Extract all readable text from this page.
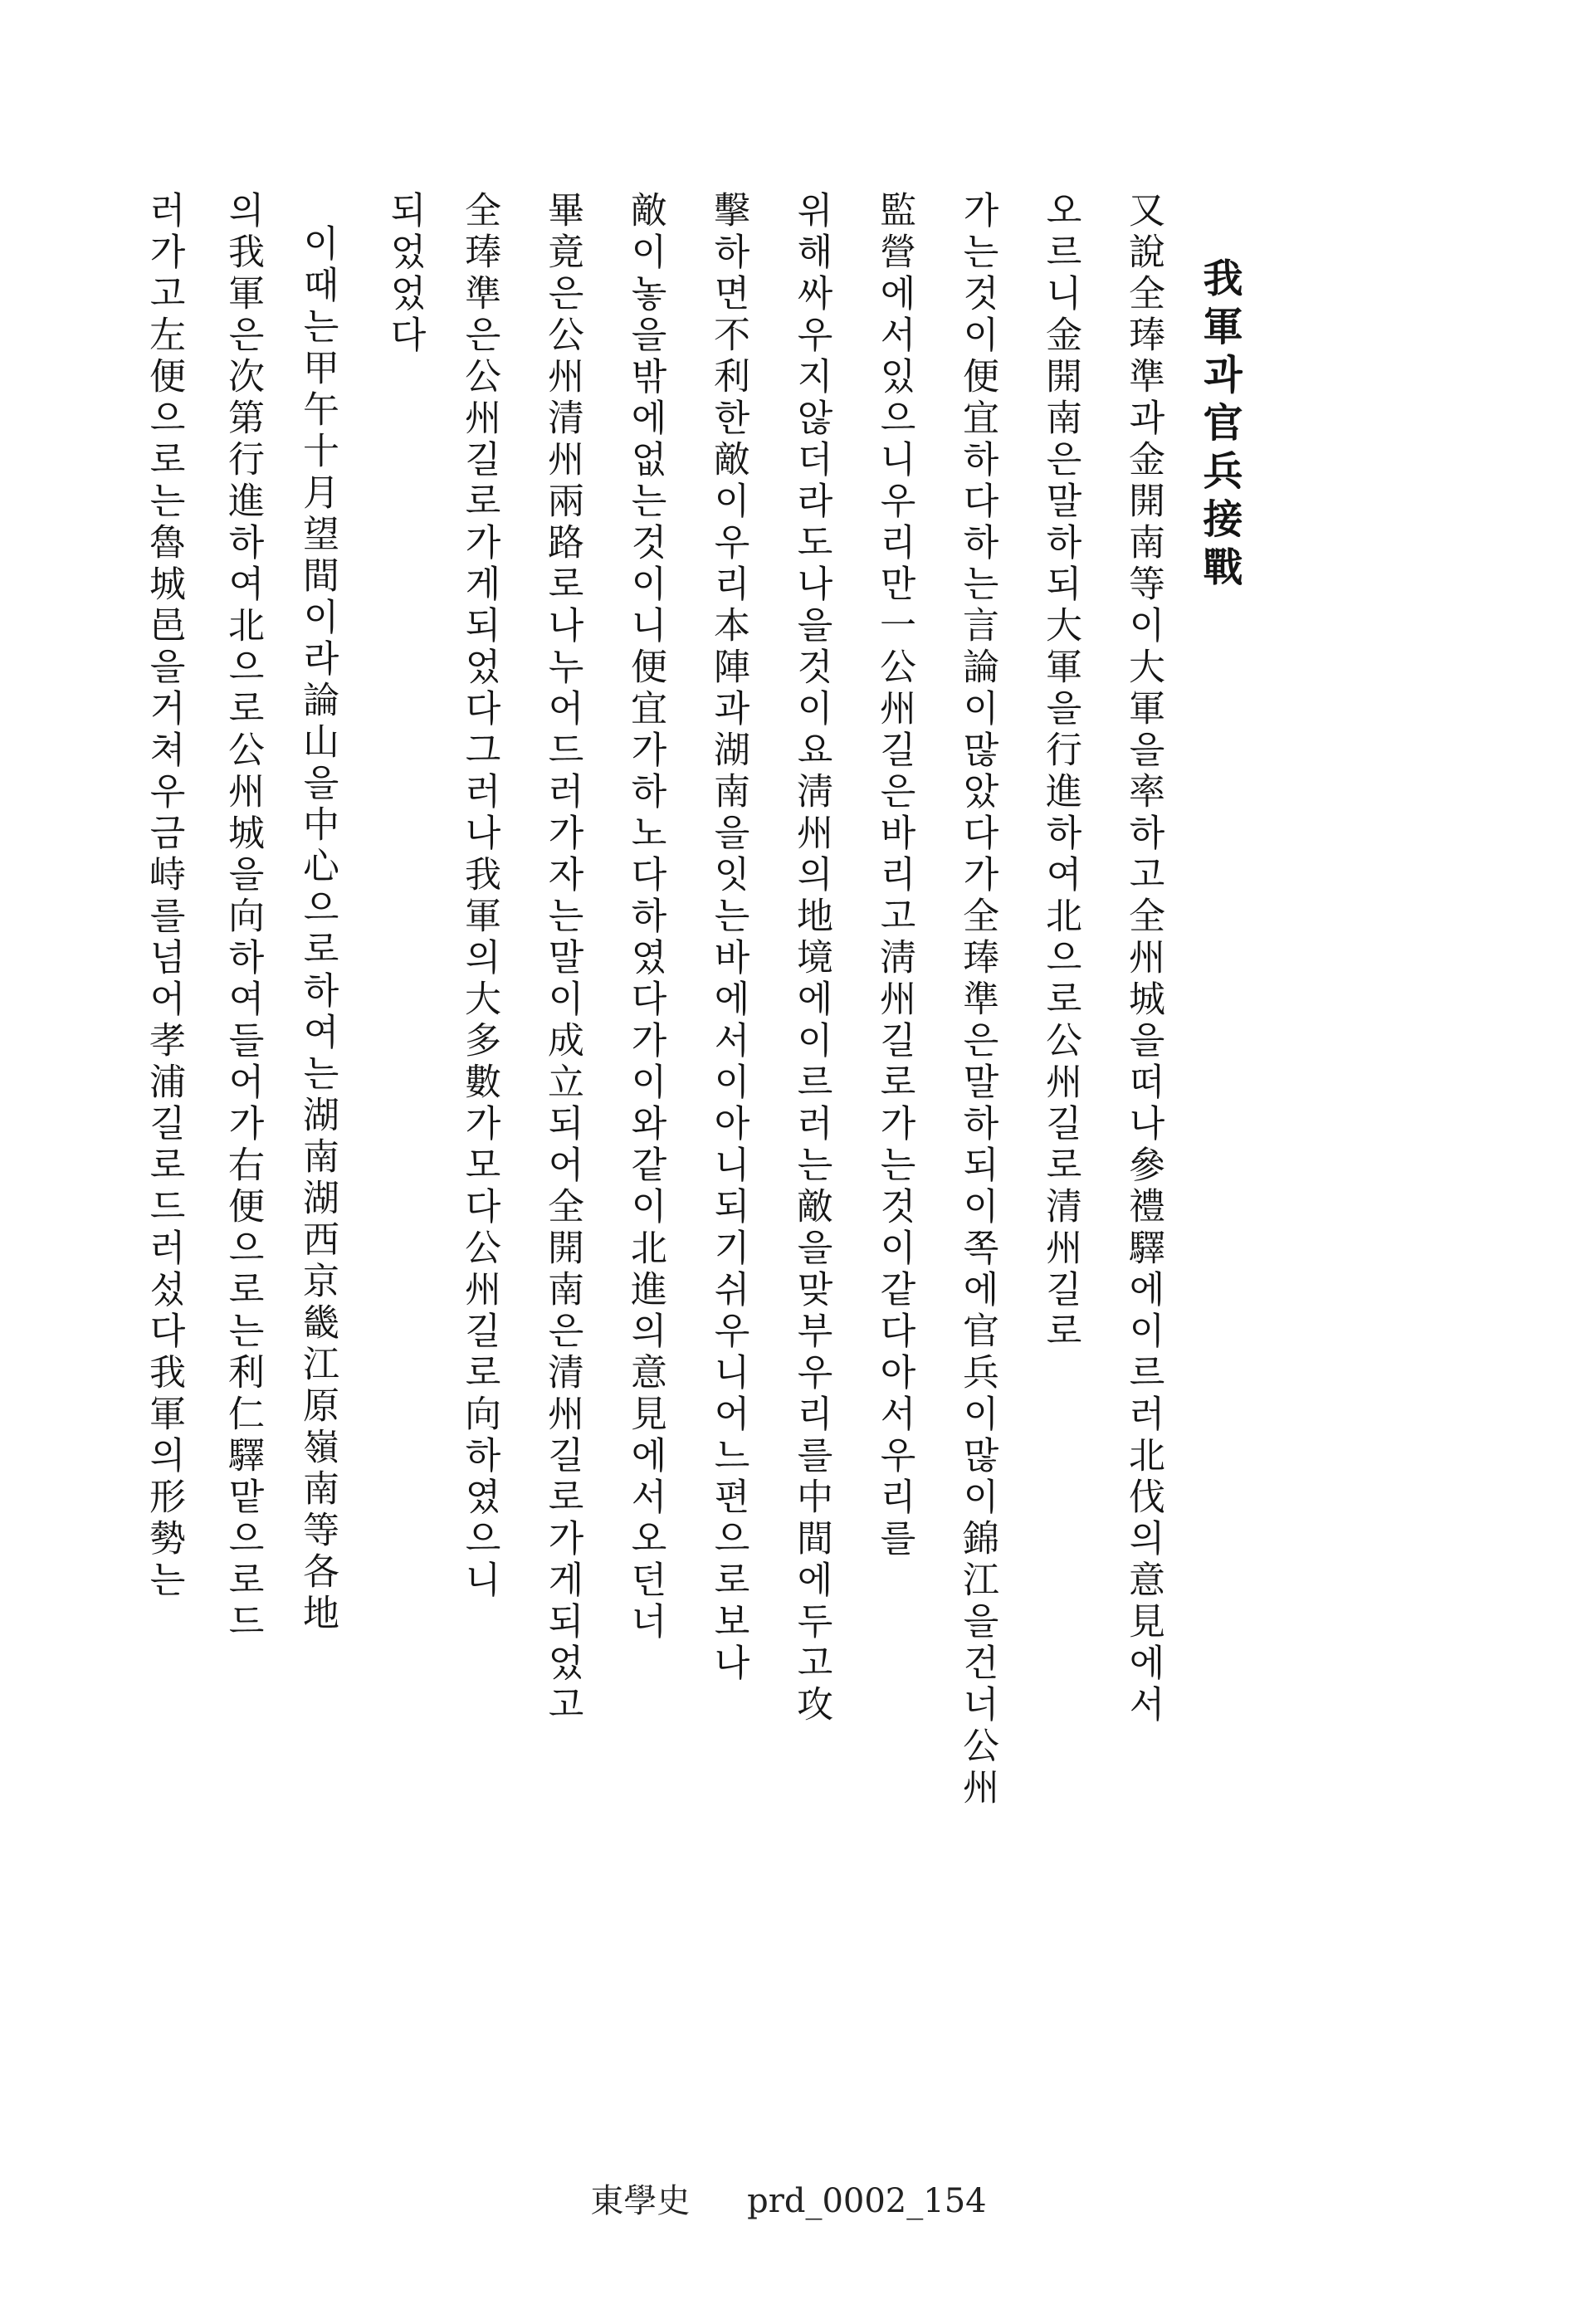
我軍과官兵接戰
又說全琫準과金開南等이大軍을率하고全州城을떠나參禮驛에이르러北伐의意見에서
오르니金開南은말하되大軍을行進하여北으로公州길로清州길로
가는것이便宜하다하는言論이많았다가全琫準은말하되이쪽에官兵이많이錦江을건너公州
監營에서있으니우리만一公州길은바리고淸州길로가는것이같다아서우리를
위해싸우지않더라도나을것이요淸州의地境에이르러는敵을맞부우리를中間에두고攻
擊하면不利한敵이우리本陣과湖南을잇는바에서이아니되기쉬우니어느편으로보나
敵이놓을밖에없는것이니便宜가하노다하였다가이와같이北進의意見에서오던너
畢竟은公州清州兩路로나누어드러가자는말이成立되어全開南은清州길로가게되었고
全琫準은公州길로가게되었다그러나我軍의大多數가모다公州길로向하였으니
되었었다
이때는甲午十月望間이라論山을中心으로하여는湖南湖西京畿江原嶺南等各地
의我軍은次第行進하여北으로公州城을向하여들어가右便으로는利仁驛맡으로드
러가고左便으로는魯城邑을거쳐우금峙를넘어孝浦길로드러섰다我軍의形勢는
東學史 prd_0002_154
